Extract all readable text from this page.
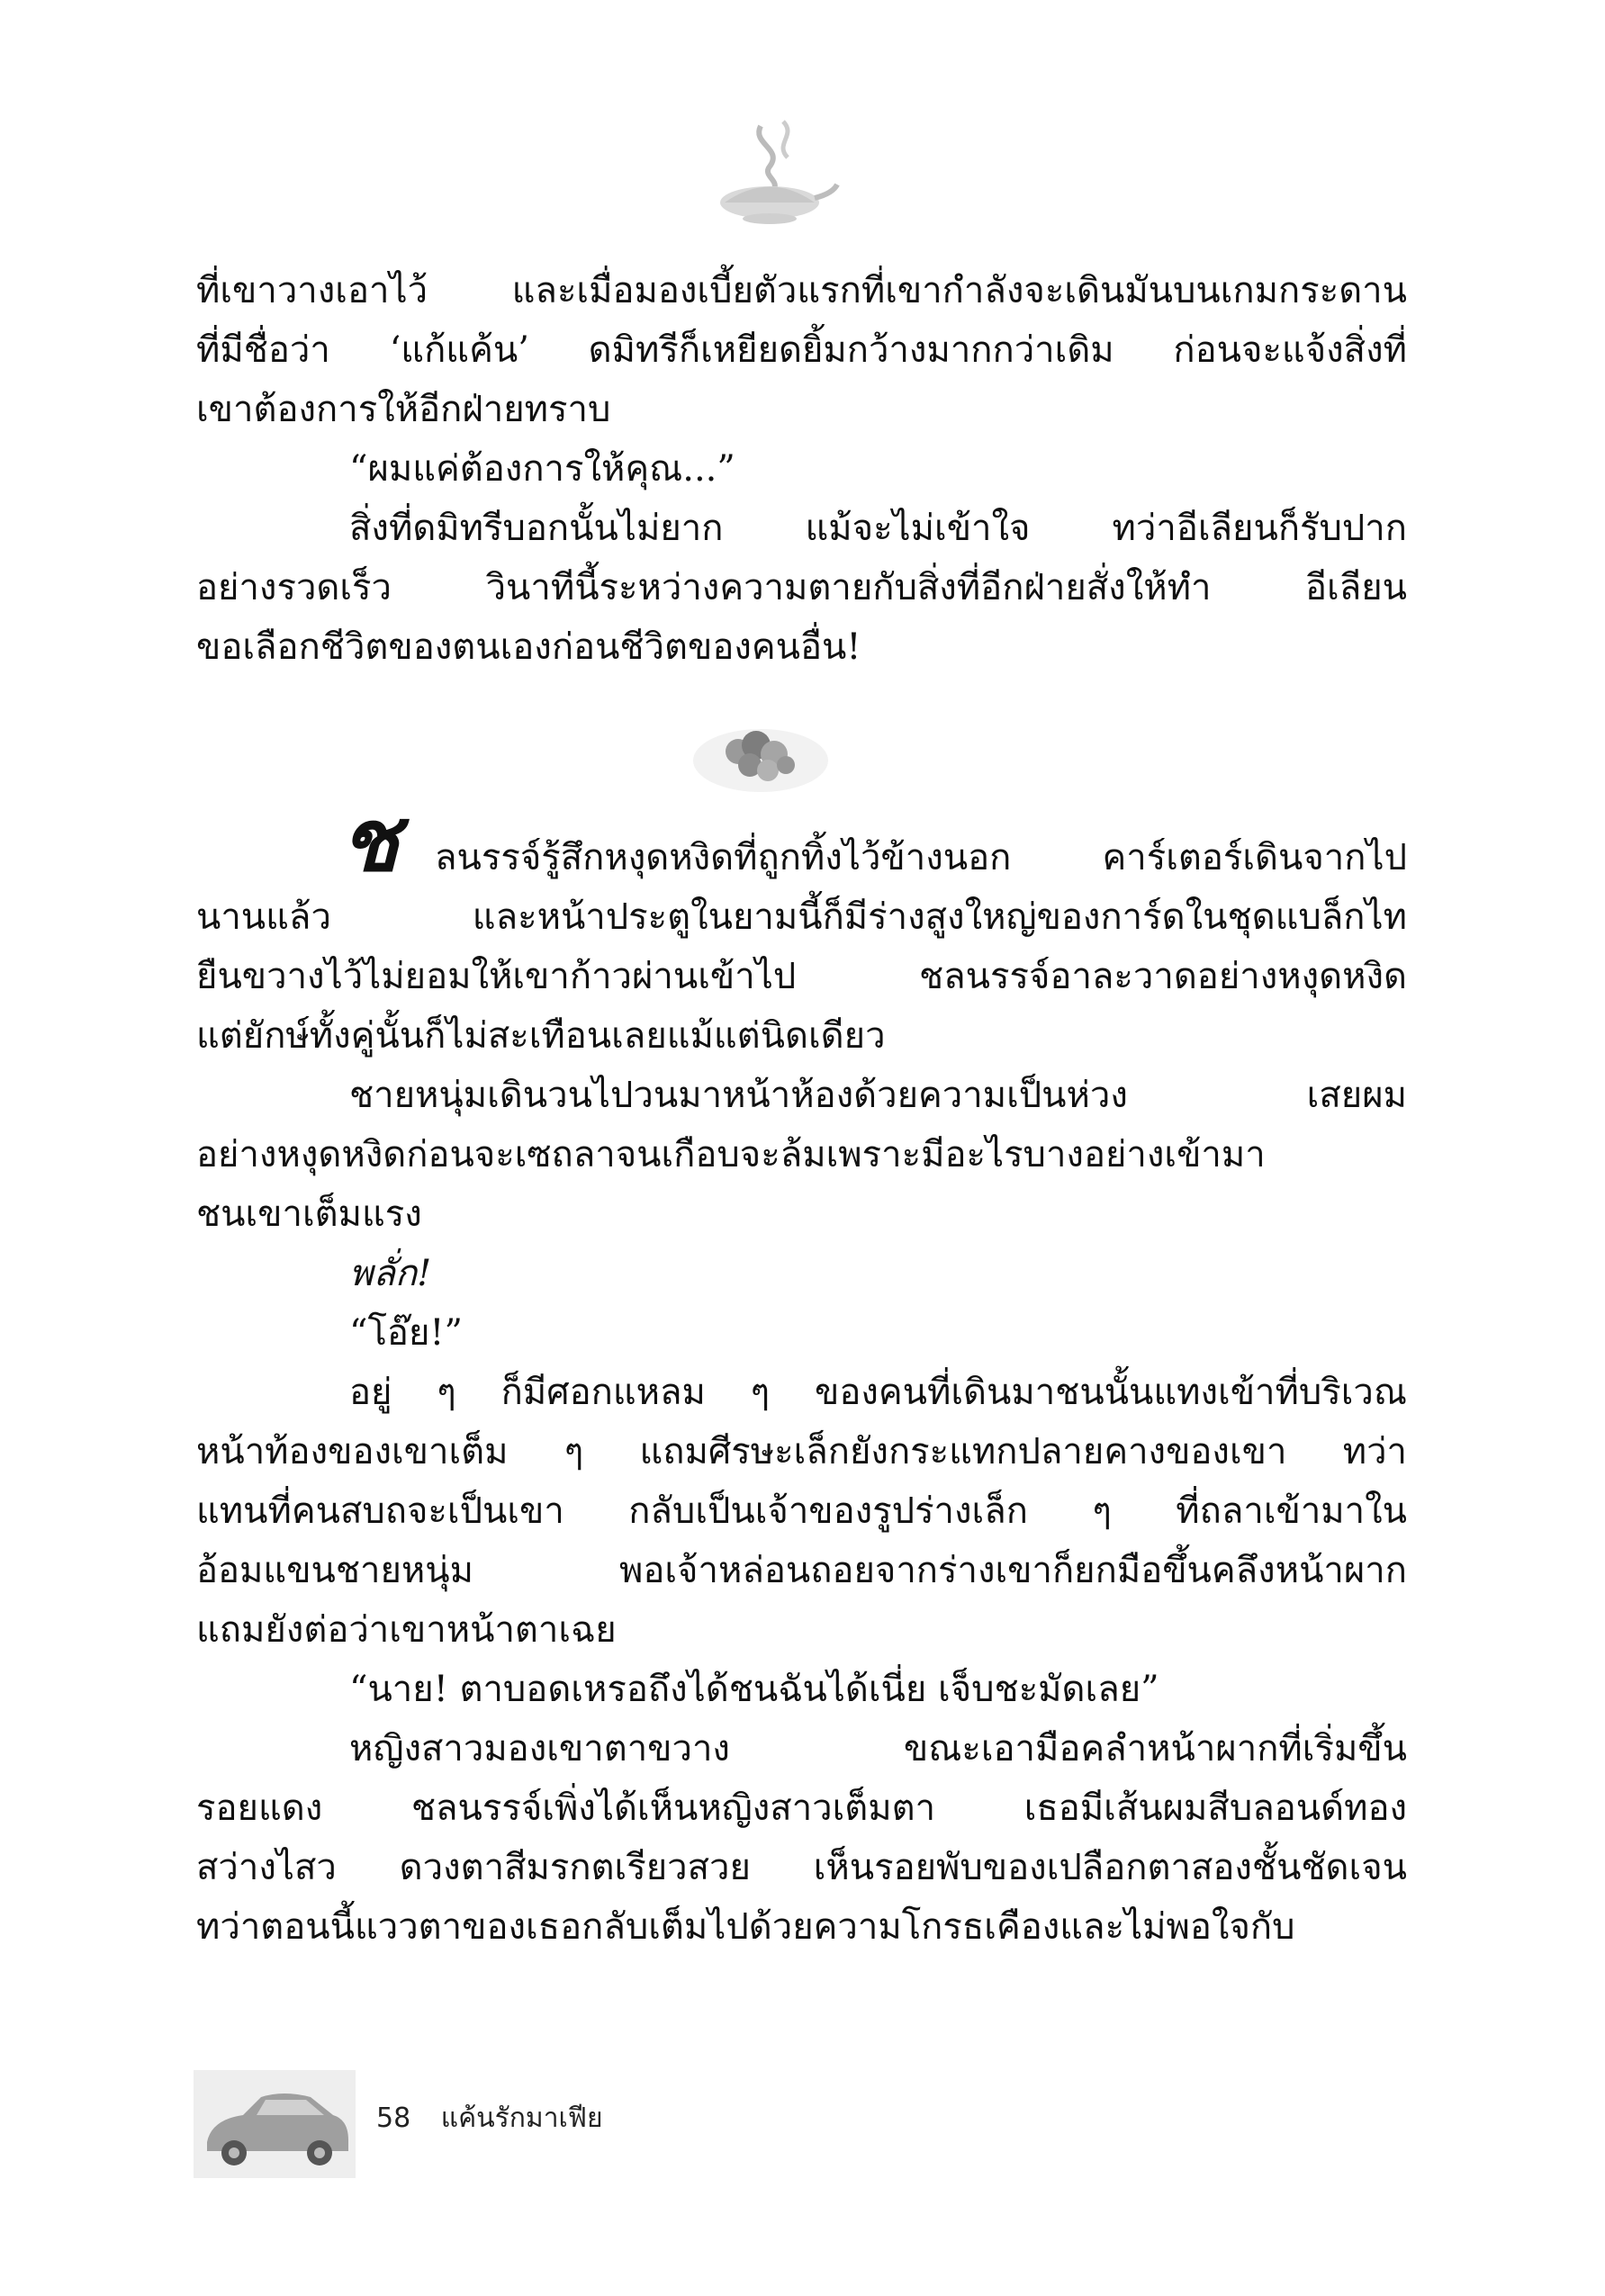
ที่เขาวางเอาไว้ และเมื่อมองเบี้ยตัวแรกที่เขากำลังจะเดินมันบนเกมกระดาน
ที่มีชื่อว่า ‘แก้แค้น’ ดมิทรีก็เหยียดยิ้มกว้างมากกว่าเดิม ก่อนจะแจ้งสิ่งที่
เขาต้องการให้อีกฝ่ายทราบ
“ผมแค่ต้องการให้คุณ...”
สิ่งที่ดมิทรีบอกนั้นไม่ยาก แม้จะไม่เข้าใจ ทว่าอีเลียนก็รับปาก
อย่างรวดเร็ว วินาทีนี้ระหว่างความตายกับสิ่งที่อีกฝ่ายสั่งให้ทำ อีเลียน
ขอเลือกชีวิตของตนเองก่อนชีวิตของคนอื่น!
ช ลนรรจ์รู้สึกหงุดหงิดที่ถูกทิ้งไว้ข้างนอก คาร์เตอร์เดินจากไป
นานแล้ว และหน้าประตูในยามนี้ก็มีร่างสูงใหญ่ของการ์ดในชุดแบล็กไท
ยืนขวางไว้ไม่ยอมให้เขาก้าวผ่านเข้าไป ชลนรรจ์อาละวาดอย่างหงุดหงิด
แต่ยักษ์ทั้งคู่นั้นก็ไม่สะเทือนเลยแม้แต่นิดเดียว
ชายหนุ่มเดินวนไปวนมาหน้าห้องด้วยความเป็นห่วง เสยผม
อย่างหงุดหงิดก่อนจะเซถลาจนเกือบจะล้มเพราะมีอะไรบางอย่างเข้ามา
ชนเขาเต็มแรง
พลั่ก!
“โอ๊ย!”
อยู่ ๆ ก็มีศอกแหลม ๆ ของคนที่เดินมาชนนั้นแทงเข้าที่บริเวณ
หน้าท้องของเขาเต็ม ๆ แถมศีรษะเล็กยังกระแทกปลายคางของเขา ทว่า
แทนที่คนสบถจะเป็นเขา กลับเป็นเจ้าของรูปร่างเล็ก ๆ ที่ถลาเข้ามาใน
อ้อมแขนชายหนุ่ม พอเจ้าหล่อนถอยจากร่างเขาก็ยกมือขึ้นคลึงหน้าผาก
แถมยังต่อว่าเขาหน้าตาเฉย
“นาย! ตาบอดเหรอถึงได้ชนฉันได้เนี่ย เจ็บชะมัดเลย”
หญิงสาวมองเขาตาขวาง ขณะเอามือคลำหน้าผากที่เริ่มขึ้น
รอยแดง ชลนรรจ์เพิ่งได้เห็นหญิงสาวเต็มตา เธอมีเส้นผมสีบลอนด์ทอง
สว่างไสว ดวงตาสีมรกตเรียวสวย เห็นรอยพับของเปลือกตาสองชั้นชัดเจน
ทว่าตอนนี้แววตาของเธอกลับเต็มไปด้วยความโกรธเคืองและไม่พอใจกับ
58 แค้นรักมาเฟีย
